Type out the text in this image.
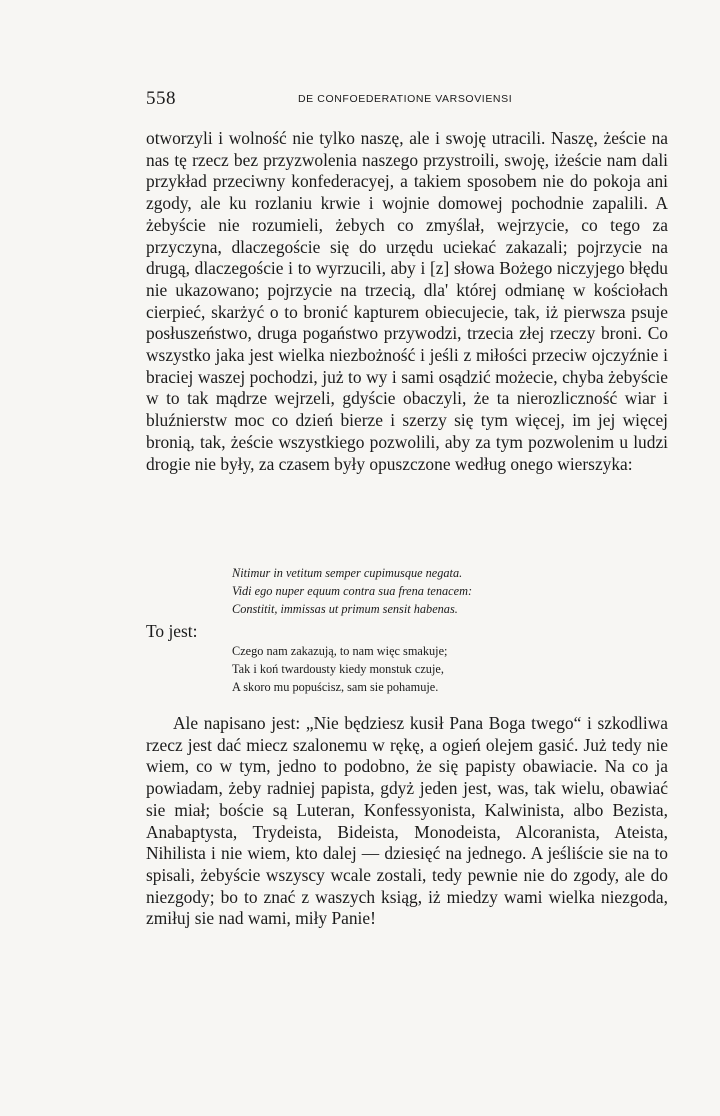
558	DE CONFOEDERATIONE VARSOVIENSI

otworzyli i wolność nie tylko naszę, ale i swoję utracili. Naszę, żeście na nas tę rzecz bez przyzwolenia naszego przystroili, swoję, iżeście nam dali przykład przeciwny konfederacyej, a takiem sposobem nie do pokoja ani zgody, ale ku rozlaniu krwie i wojnie domowej pochodnie zapalili. A żebyście nie rozumieli, żebych co zmyślał, wejrzycie, co tego za przyczyna, dlaczegoście się do urzędu uciekać zakazali; pojrzycie na drugą, dlaczegoście i to wyrzucili, aby i [z] słowa Bożego niczyjego błędu nie ukazowano; pojrzycie na trzecią, dla' której odmianę w kościołach cierpieć, skarżyć o to bronić kapturem obiecujecie, tak, iż pierwsza psuje posłuszeństwo, druga pogaństwo przywodzi, trzecia złej rzeczy broni. Co wszystko jaka jest wielka niezbożność i jeśli z miłości przeciw ojczyźnie i braciej waszej pochodzi, już to wy i sami osądzić możecie, chyba żebyście w to tak mądrze wejrzeli, gdyście obaczyli, że ta nierozliczność wiar i bluźnierstw moc co dzień bierze i szerzy się tym więcej, im jej więcej bronią, tak, żeście wszystkiego pozwolili, aby za tym pozwolenim u ludzi drogie nie były, za czasem były opuszczone według onego wierszyka:

Nitimur in vetitum semper cupimusque negata.
Vidi ego nuper equum contra sua frena tenacem:
Constitit, immissas ut primum sensit habenas.

To jest:

Czego nam zakazują, to nam więc smakuje;
Tak i koń twardousty kiedy monstuk czuje,
A skoro mu popuścisz, sam sie pohamuje.

Ale napisano jest: „Nie będziesz kusił Pana Boga twego“ i szkodliwa rzecz jest dać miecz szalonemu w rękę, a ogień olejem gasić. Już tedy nie wiem, co w tym, jedno to podobno, że się papisty obawiacie. Na co ja powiadam, żeby radniej papista, gdyż jeden jest, was, tak wielu, obawiać sie miał; boście są Luteran, Konfessyonista, Kalwinista, albo Bezista, Anabaptysta, Trydeista, Bideista, Monodeista, Alcoranista, Ateista, Nihilista i nie wiem, kto dalej — dziesięć na jednego. A jeśliście sie na to spisali, żebyście wszyscy wcale zostali, tedy pewnie nie do zgody, ale do niezgody; bo to znać z waszych ksiąg, iż miedzy wami wielka niezgoda, zmiłuj sie nad wami, miły Panie!
